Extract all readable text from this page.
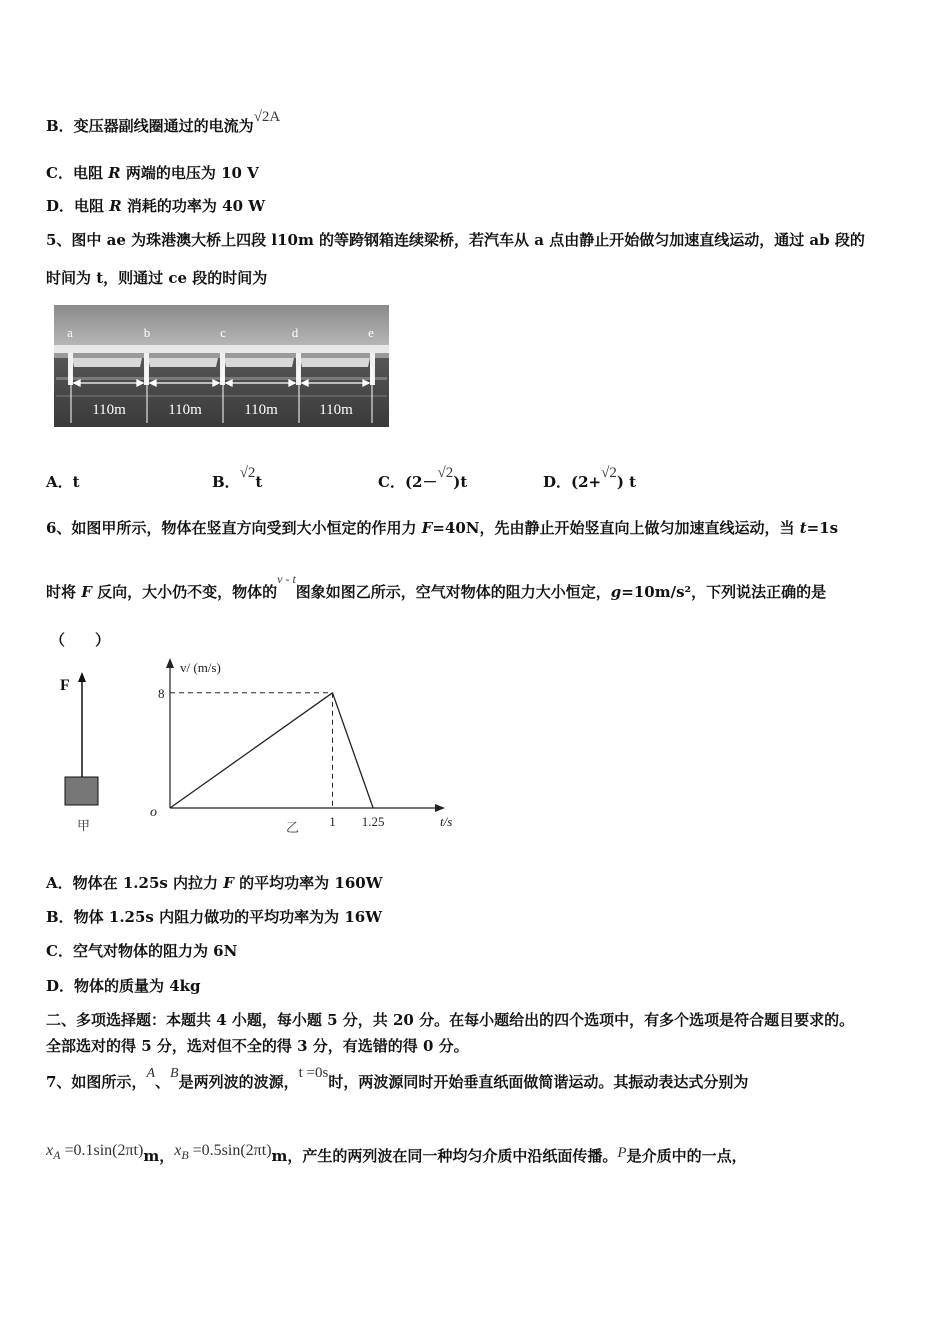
B．变压器副线圈通过的电流为√2A
C．电阻 R 两端的电压为 10 V
D．电阻 R 消耗的功率为 40 W
5、图中 ae 为珠港澳大桥上四段 l10m 的等跨钢箱连续梁桥，若汽车从 a 点由静止开始做匀加速直线运动，通过 ab 段的
时间为 t，则通过 ce 段的时间为
a	b	c	d	e
110m	110m	110m	110m
A．t	B．√2t	C．(2－√2)t	D．(2+√2) t
6、如图甲所示，物体在竖直方向受到大小恒定的作用力 F=40N，先由静止开始竖直向上做匀加速直线运动，当 t=1s
时将 F 反向，大小仍不变，物体的$^{v - t}$图象如图乙所示，空气对物体的阻力大小恒定，g=10m/s²，下列说法正确的是
（　　）
F
甲
v/ (m/s)
8
o
1 1.25	t/s
乙
A．物体在 1.25s 内拉力 F 的平均功率为 160W
B．物体 1.25s 内阻力做功的平均功率为为 16W
C．空气对物体的阻力为 6N
D．物体的质量为 4kg
二、多项选择题：本题共 4 小题，每小题 5 分，共 20 分。在每小题给出的四个选项中，有多个选项是符合题目要求的。
全部选对的得 5 分，选对但不全的得 3 分，有选错的得 0 分。
7、如图所示，A、B是两列波的波源，t =0s时，两波源同时开始垂直纸面做简谐运动。其振动表达式分别为
$x_A =0.1\sin(2\pi t)m$，$x_B =0.5\sin(2\pi t)m$，产生的两列波在同一种均匀介质中沿纸面传播。P是介质中的一点，
